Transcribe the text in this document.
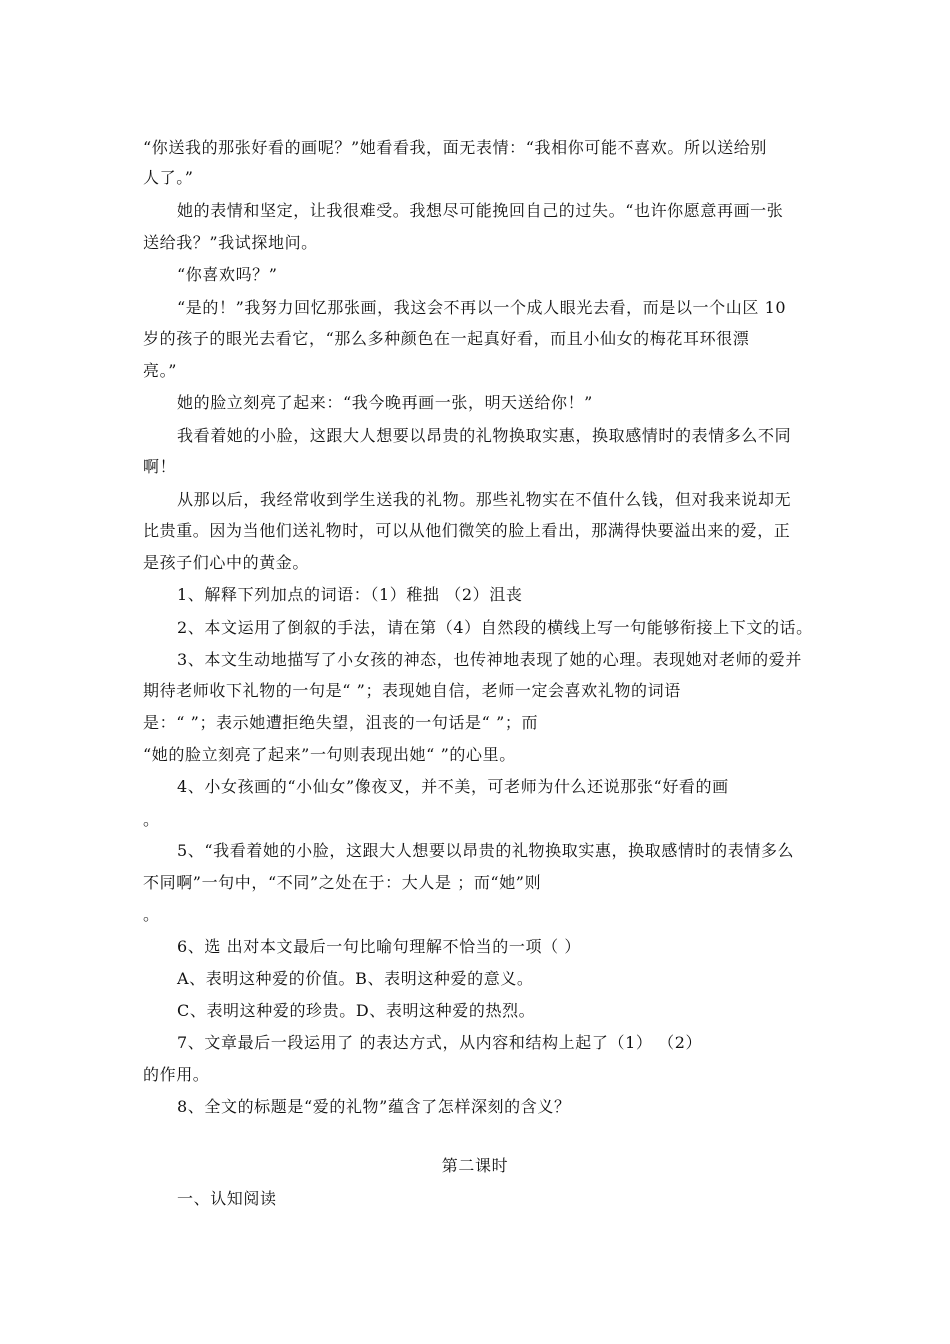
“你送我的那张好看的画呢？”她看看我，面无表情：“我相你可能不喜欢。所以送给别
人了。”
她的表情和坚定，让我很难受。我想尽可能挽回自己的过失。“也许你愿意再画一张
送给我？”我试探地问。
“你喜欢吗？”
“是的！”我努力回忆那张画，我这会不再以一个成人眼光去看，而是以一个山区 10
岁的孩子的眼光去看它，“那么多种颜色在一起真好看，而且小仙女的梅花耳环很漂
亮。”
她的脸立刻亮了起来：“我今晚再画一张，明天送给你！”
我看着她的小脸，这跟大人想要以昂贵的礼物换取实惠，换取感情时的表情多么不同
啊！
从那以后，我经常收到学生送我的礼物。那些礼物实在不值什么钱，但对我来说却无
比贵重。因为当他们送礼物时，可以从他们微笑的脸上看出，那满得快要溢出来的爱，正
是孩子们心中的黄金。
1、解释下列加点的词语：（1）稚拙 （2）沮丧
2、本文运用了倒叙的手法，请在第（4）自然段的横线上写一句能够衔接上下文的话。
3、本文生动地描写了小女孩的神态，也传神地表现了她的心理。表现她对老师的爱并
期待老师收下礼物的一句是“ ”；表现她自信，老师一定会喜欢礼物的词语
是：“ ”；表示她遭拒绝失望，沮丧的一句话是“ ”；而
“她的脸立刻亮了起来”一句则表现出她“ ”的心里。
4、小女孩画的“小仙女”像夜叉，并不美，可老师为什么还说那张“好看的画
。
5、“我看着她的小脸，这跟大人想要以昂贵的礼物换取实惠，换取感情时的表情多么
不同啊”一句中，“不同”之处在于：大人是 ；而“她”则
。
6、选 出对本文最后一句比喻句理解不恰当的一项（ ）
A、表明这种爱的价值。B、表明这种爱的意义。
C、表明这种爱的珍贵。D、表明这种爱的热烈。
7、文章最后一段运用了 的表达方式，从内容和结构上起了（1） （2）
的作用。
8、全文的标题是“爱的礼物”蕴含了怎样深刻的含义？
第二课时
一、认知阅读
